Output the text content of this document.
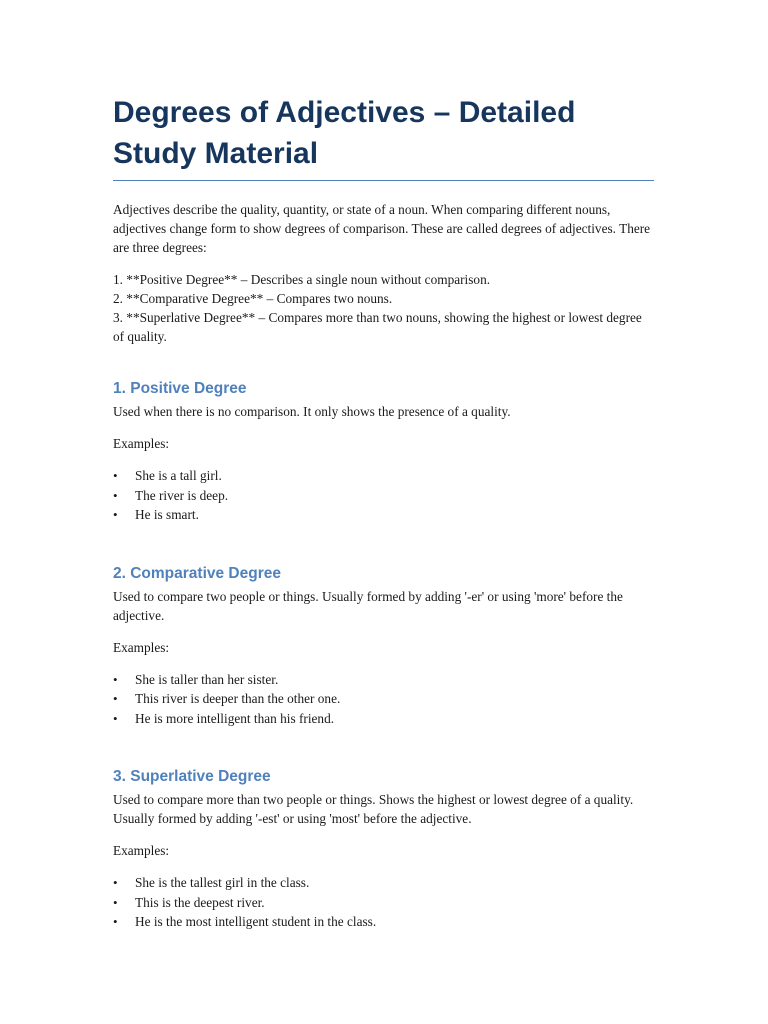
Degrees of Adjectives – Detailed Study Material

Adjectives describe the quality, quantity, or state of a noun. When comparing different nouns, adjectives change form to show degrees of comparison. These are called degrees of adjectives. There are three degrees:

1. **Positive Degree** – Describes a single noun without comparison.
2. **Comparative Degree** – Compares two nouns.
3. **Superlative Degree** – Compares more than two nouns, showing the highest or lowest degree of quality.
1. Positive Degree

Used when there is no comparison. It only shows the presence of a quality.

Examples:

• She is a tall girl.
• The river is deep.
• He is smart.
2. Comparative Degree

Used to compare two people or things. Usually formed by adding '-er' or using 'more' before the adjective.

Examples:

• She is taller than her sister.
• This river is deeper than the other one.
• He is more intelligent than his friend.
3. Superlative Degree

Used to compare more than two people or things. Shows the highest or lowest degree of a quality. Usually formed by adding '-est' or using 'most' before the adjective.

Examples:

• She is the tallest girl in the class.
• This is the deepest river.
• He is the most intelligent student in the class.
